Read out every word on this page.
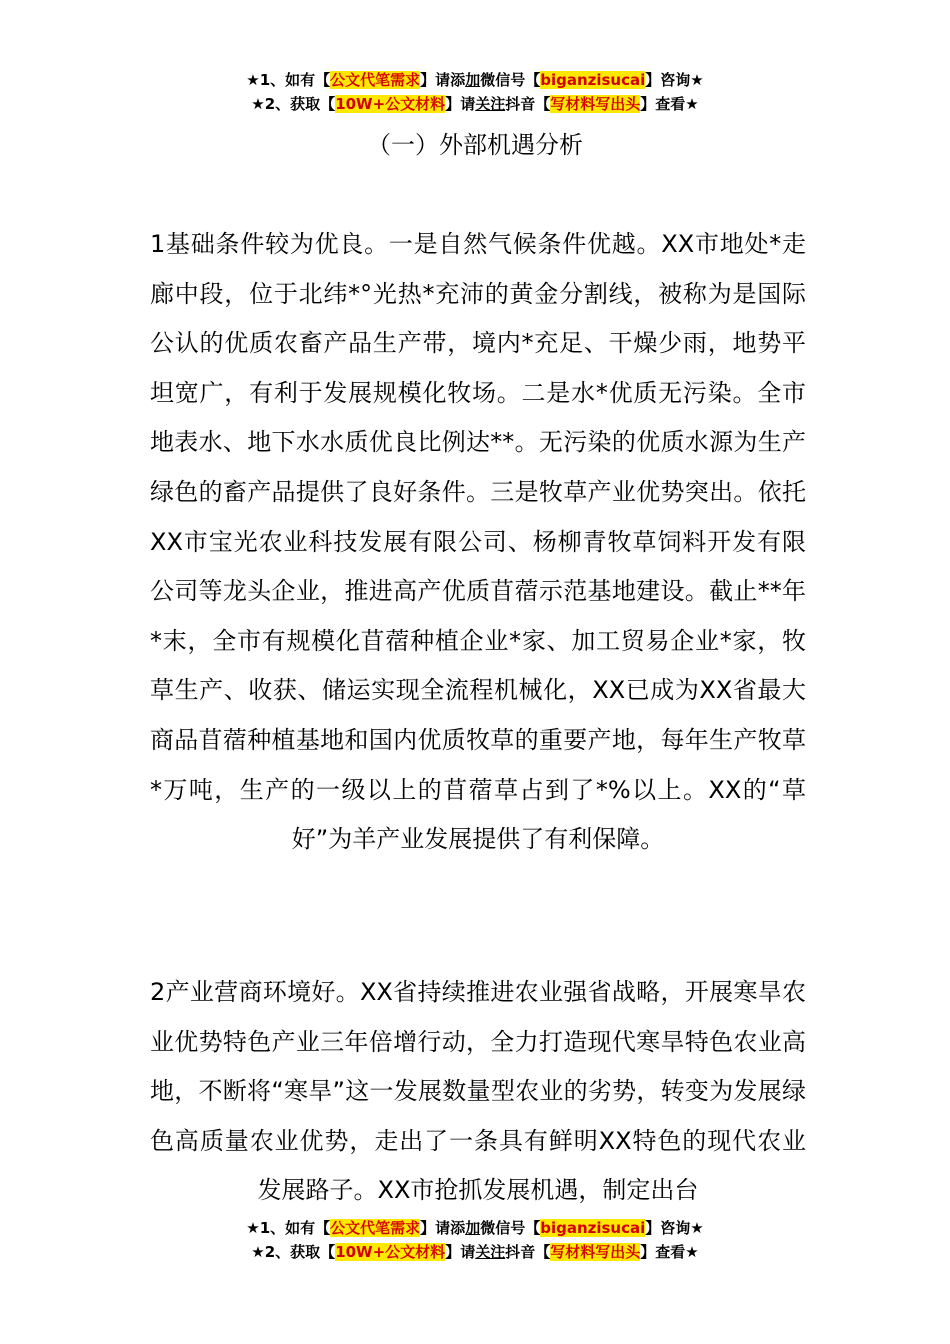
★1、如有【公文代笔需求】请添加微信号【biganzisucai】咨询★
★2、获取【10W+公文材料】请关注抖音【写材料写出头】查看★
（一）外部机遇分析
1基础条件较为优良。一是自然气候条件优越。XX市地处*走廊中段，位于北纬*°光热*充沛的黄金分割线，被称为是国际公认的优质农畜产品生产带，境内*充足、干燥少雨，地势平坦宽广，有利于发展规模化牧场。二是水*优质无污染。全市地表水、地下水水质优良比例达**。无污染的优质水源为生产绿色的畜产品提供了良好条件。三是牧草产业优势突出。依托XX市宝光农业科技发展有限公司、杨柳青牧草饲料开发有限公司等龙头企业，推进高产优质苜蓿示范基地建设。截止**年*末，全市有规模化苜蓿种植企业*家、加工贸易企业*家，牧草生产、收获、储运实现全流程机械化，XX已成为XX省最大商品苜蓿种植基地和国内优质牧草的重要产地，每年生产牧草*万吨，生产的一级以上的苜蓿草占到了*%以上。XX的“草好”为羊产业发展提供了有利保障。
2产业营商环境好。XX省持续推进农业强省战略，开展寒旱农业优势特色产业三年倍增行动，全力打造现代寒旱特色农业高地，不断将“寒旱”这一发展数量型农业的劣势，转变为发展绿色高质量农业优势，走出了一条具有鲜明XX特色的现代农业发展路子。XX市抢抓发展机遇，制定出台
★1、如有【公文代笔需求】请添加微信号【biganzisucai】咨询★
★2、获取【10W+公文材料】请关注抖音【写材料写出头】查看★
